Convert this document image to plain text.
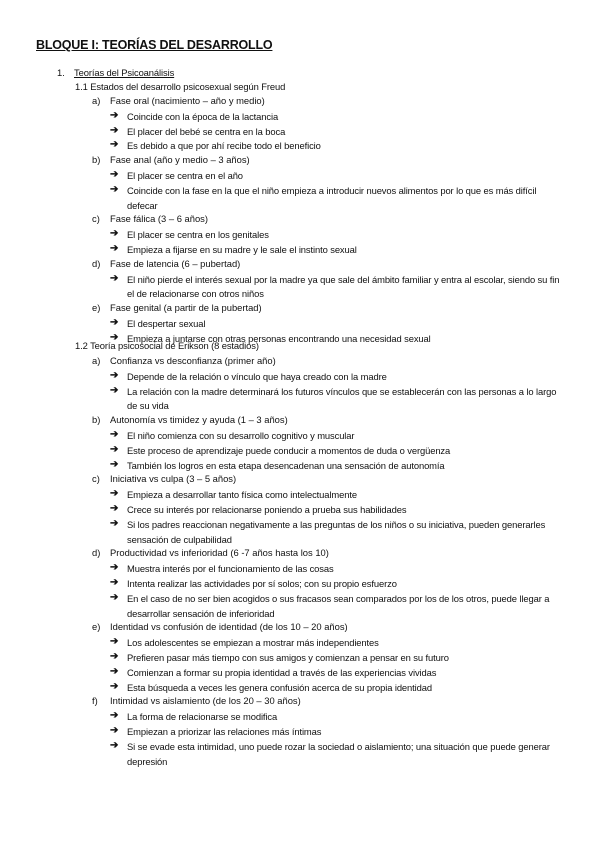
BLOQUE I: TEORÍAS DEL DESARROLLO
1. Teorías del Psicoanálisis
1.1 Estados del desarrollo psicosexual según Freud
a) Fase oral (nacimiento – año y medio)
➔ Coincide con la época de la lactancia
➔ El placer del bebé se centra en la boca
➔ Es debido a que por ahí recibe todo el beneficio
b) Fase anal (año y medio – 3 años)
➔ El placer se centra en el año
➔ Coincide con la fase en la que el niño empieza a introducir nuevos alimentos por lo que es más difícil defecar
c) Fase fálica (3 – 6 años)
➔ El placer se centra en los genitales
➔ Empieza a fijarse en su madre y le sale el instinto sexual
d) Fase de latencia (6 – pubertad)
➔ El niño pierde el interés sexual por la madre ya que sale del ámbito familiar y entra al escolar, siendo su fin el de relacionarse con otros niños
e) Fase genital (a partir de la pubertad)
➔ El despertar sexual
➔ Empieza a juntarse con otras personas encontrando una necesidad sexual
1.2 Teoría psicosocial de Erikson (8 estadios)
a) Confianza vs desconfianza (primer año)
➔ Depende de la relación o vínculo que haya creado con la madre
➔ La relación con la madre determinará los futuros vínculos que se establecerán con las personas a lo largo de su vida
b) Autonomía vs timidez y ayuda (1 – 3 años)
➔ El niño comienza con su desarrollo cognitivo y muscular
➔ Este proceso de aprendizaje puede conducir a momentos de duda o vergüenza
➔ También los logros en esta etapa desencadenan una sensación de autonomía
c) Iniciativa vs culpa (3 – 5 años)
➔ Empieza a desarrollar tanto física como intelectualmente
➔ Crece su interés por relacionarse poniendo a prueba sus habilidades
➔ Si los padres reaccionan negativamente a las preguntas de los niños o su iniciativa, pueden generarles sensación de culpabilidad
d) Productividad vs inferioridad (6 -7 años hasta los 10)
➔ Muestra interés por el funcionamiento de las cosas
➔ Intenta realizar las actividades por sí solos; con su propio esfuerzo
➔ En el caso de no ser bien acogidos o sus fracasos sean comparados por los de los otros, puede llegar a desarrollar sensación de inferioridad
e) Identidad vs confusión de identidad (de los 10 – 20 años)
➔ Los adolescentes se empiezan a mostrar más independientes
➔ Prefieren pasar más tiempo con sus amigos y comienzan a pensar en su futuro
➔ Comienzan a formar su propia identidad a través de las experiencias vividas
➔ Esta búsqueda a veces les genera confusión acerca de su propia identidad
f) Intimidad vs aislamiento (de los 20 – 30 años)
➔ La forma de relacionarse se modifica
➔ Empiezan a priorizar las relaciones más íntimas
➔ Si se evade esta intimidad, uno puede rozar la sociedad o aislamiento; una situación que puede generar depresión
